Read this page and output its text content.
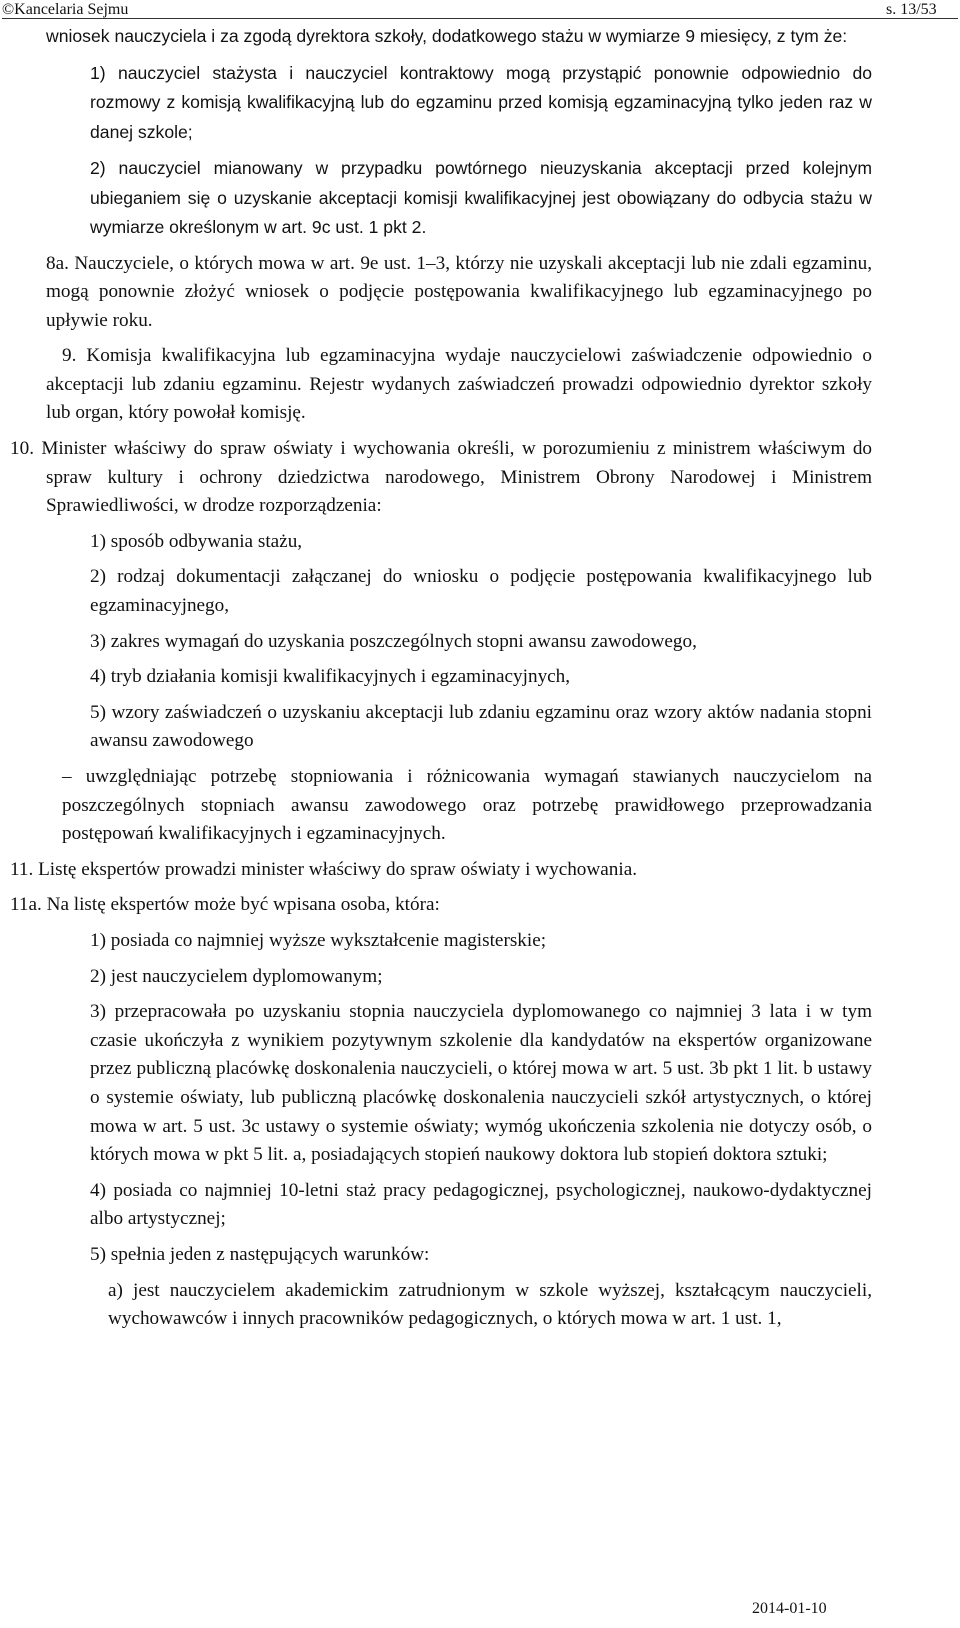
©Kancelaria Sejmu	s. 13/53

wniosek nauczyciela i za zgodą dyrektora szkoły, dodatkowego stażu w wymiarze 9 miesięcy, z tym że:

1) nauczyciel stażysta i nauczyciel kontraktowy mogą przystąpić ponownie odpowiednio do rozmowy z komisją kwalifikacyjną lub do egzaminu przed komisją egzaminacyjną tylko jeden raz w danej szkole;
2) nauczyciel mianowany w przypadku powtórnego nieuzyskania akceptacji przed kolejnym ubieganiem się o uzyskanie akceptacji komisji kwalifikacyjnej jest obowiązany do odbycia stażu w wymiarze określonym w art. 9c ust. 1 pkt 2.

8a. Nauczyciele, o których mowa w art. 9e ust. 1–3, którzy nie uzyskali akceptacji lub nie zdali egzaminu, mogą ponownie złożyć wniosek o podjęcie postępowania kwalifikacyjnego lub egzaminacyjnego po upływie roku.

9. Komisja kwalifikacyjna lub egzaminacyjna wydaje nauczycielowi zaświadczenie odpowiednio o akceptacji lub zdaniu egzaminu. Rejestr wydanych zaświadczeń prowadzi odpowiednio dyrektor szkoły lub organ, który powołał komisję.

10. Minister właściwy do spraw oświaty i wychowania określi, w porozumieniu z ministrem właściwym do spraw kultury i ochrony dziedzictwa narodowego, Ministrem Obrony Narodowej i Ministrem Sprawiedliwości, w drodze rozporządzenia:

1) sposób odbywania stażu,
2) rodzaj dokumentacji załączanej do wniosku o podjęcie postępowania kwalifikacyjnego lub egzaminacyjnego,
3) zakres wymagań do uzyskania poszczególnych stopni awansu zawodowego,
4) tryb działania komisji kwalifikacyjnych i egzaminacyjnych,
5) wzory zaświadczeń o uzyskaniu akceptacji lub zdaniu egzaminu oraz wzory aktów nadania stopni awansu zawodowego

– uwzględniając potrzebę stopniowania i różnicowania wymagań stawianych nauczycielom na poszczególnych stopniach awansu zawodowego oraz potrzebę prawidłowego przeprowadzania postępowań kwalifikacyjnych i egzaminacyjnych.

11. Listę ekspertów prowadzi minister właściwy do spraw oświaty i wychowania.

11a. Na listę ekspertów może być wpisana osoba, która:

1) posiada co najmniej wyższe wykształcenie magisterskie;
2) jest nauczycielem dyplomowanym;
3) przepracowała po uzyskaniu stopnia nauczyciela dyplomowanego co najmniej 3 lata i w tym czasie ukończyła z wynikiem pozytywnym szkolenie dla kandydatów na ekspertów organizowane przez publiczną placówkę doskonalenia nauczycieli, o której mowa w art. 5 ust. 3b pkt 1 lit. b ustawy o systemie oświaty, lub publiczną placówkę doskonalenia nauczycieli szkół artystycznych, o której mowa w art. 5 ust. 3c ustawy o systemie oświaty; wymóg ukończenia szkolenia nie dotyczy osób, o których mowa w pkt 5 lit. a, posiadających stopień naukowy doktora lub stopień doktora sztuki;
4) posiada co najmniej 10-letni staż pracy pedagogicznej, psychologicznej, naukowo-dydaktycznej albo artystycznej;
5) spełnia jeden z następujących warunków:
a) jest nauczycielem akademickim zatrudnionym w szkole wyższej, kształcącym nauczycieli, wychowawców i innych pracowników pedagogicznych, o których mowa w art. 1 ust. 1,
2014-01-10
